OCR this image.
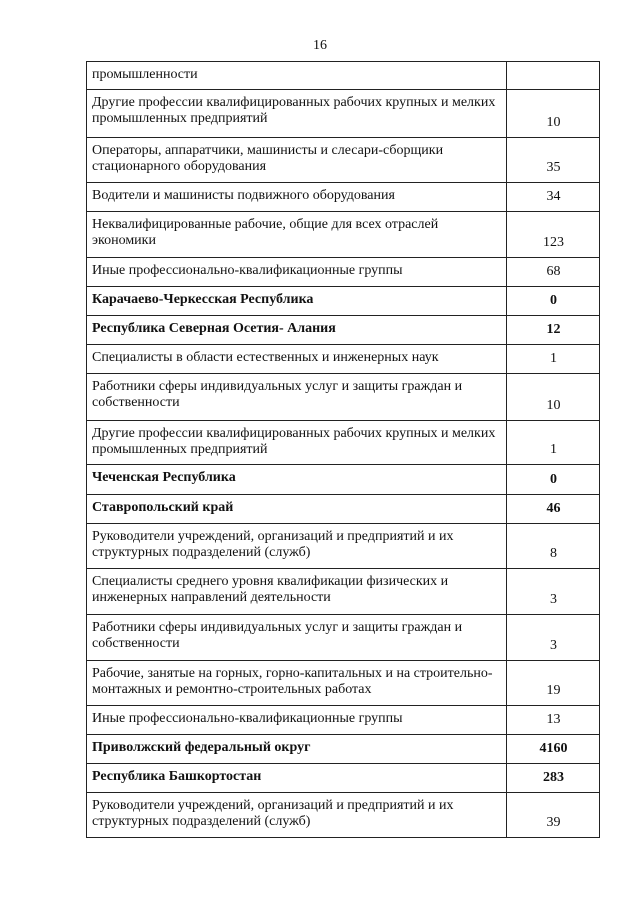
16
промышленности	
Другие профессии квалифицированных рабочих крупных и мелких промышленных предприятий	10
Операторы, аппаратчики, машинисты и слесари-сборщики стационарного оборудования	35
Водители и машинисты подвижного оборудования	34
Неквалифицированные рабочие, общие для всех отраслей экономики	123
Иные профессионально-квалификационные группы	68
Карачаево-Черкесская Республика	0
Республика Северная Осетия- Алания	12
Специалисты в области естественных и инженерных наук	1
Работники сферы индивидуальных услуг и защиты граждан и собственности	10
Другие профессии квалифицированных рабочих крупных и мелких промышленных предприятий	1
Чеченская Республика	0
Ставропольский край	46
Руководители учреждений, организаций и предприятий и их структурных подразделений (служб)	8
Специалисты среднего уровня квалификации физических и инженерных направлений деятельности	3
Работники сферы индивидуальных услуг и защиты граждан и собственности	3
Рабочие, занятые на горных, горно-капитальных и на строительно-монтажных и ремонтно-строительных работах	19
Иные профессионально-квалификационные группы	13
Приволжский федеральный округ	4160
Республика Башкортостан	283
Руководители учреждений, организаций и предприятий и их структурных подразделений (служб)	39
